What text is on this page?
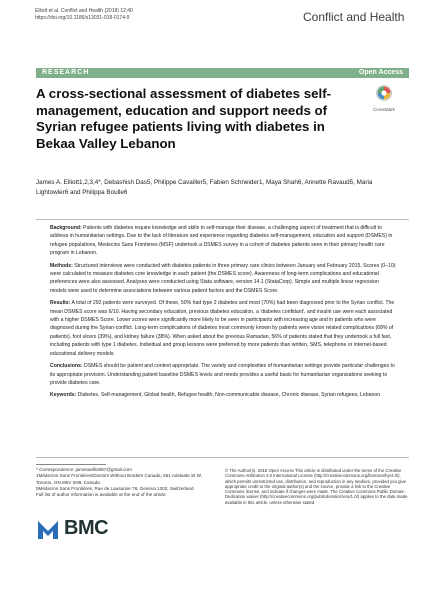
Elliott et al. Conflict and Health (2018) 12:40
https://doi.org/10.1186/s13031-018-0174-9	Conflict and Health
RESEARCH	Open Access
A cross-sectional assessment of diabetes self-management, education and support needs of Syrian refugee patients living with diabetes in Bekaa Valley Lebanon
CrossMark
James A. Elliott1,2,3,4*, Debashish Das5, Philippe Cavailler5, Fabien Schneider1, Maya Shah6, Annette Ravaud5, Maria Lightowler6 and Philippa Boulle6

Background: Patients with diabetes require knowledge and skills to self-manage their disease, a challenging aspect of treatment that is difficult to address in humanitarian settings. Due to the lack of literature and experience regarding diabetes self-management, education and support (DSMES) in refugee populations, Medecins Sans Frontieres (MSF) undertook a DSMES survey in a cohort of diabetes patients seen in their primary health care program in Lebanon.

Methods: Structured interviews were conducted with diabetes patients in three primary care clinics between January and February 2015. Scores (0–10) were calculated to measure diabetes core knowledge in each patient (the DSMES score). Awareness of long-term complications and educational preferences were also assessed. Analyses were conducted using Stata software, version 14.1 (StataCorp). Simple and multiple linear regression models were used to determine associations between various patient factors and the DSMES Score.

Results: A total of 292 patients were surveyed. Of these, 50% had type 2 diabetes and most (70%) had been diagnosed prior to the Syrian conflict. The mean DSMES score was 6/10. Having secondary education, previous diabetes education, a 'diabetes confidant', and insulin use were each associated with a higher DSMES Score. Lower scores were significantly more likely to be seen in participants with increasing age and in patients who were diagnosed during the Syrian-conflict. Long-term complications of diabetes most commonly known by patients were vision related complications (68% of patients), foot ulcers (39%), and kidney failure (38%). When asked about the previous Ramadan, 56% of patients stated that they undertook a full fast, including patients with type 1 diabetes. Individual and group lessons were preferred by more patients than written, SMS, telephone or internet-based educational delivery models.

Conclusions: DSMES should be patient and context appropriate. The variety and complexities of humanitarian settings provide particular challenges to its appropriate provision. Understanding patient baseline DSMES levels and needs provides a useful basis for humanitarian organisations seeking to provide diabetes care.

Keywords: Diabetes, Self-management, Global health, Refugee health, Non-communicable disease, Chronic disease, Syrian refugees, Lebanon

* Correspondence: jamesaelliott97@gmail.com
1Médecins Sans Frontières/Doctors Without Borders Canada, 551 Adelaide St W, Toronto, ON M5V 0N8, Canada
5Médecins Sans Frontières, Rue de Lausanne 78, Geneva 1202, Switzerland
Full list of author information is available at the end of the article
BMC
© The Author(s). 2018 Open Access This article is distributed under the terms of the Creative Commons Attribution 4.0 International License (http://creativecommons.org/licenses/by/4.0/), which permits unrestricted use, distribution, and reproduction in any medium, provided you give appropriate credit to the original author(s) and the source, provide a link to the Creative Commons license, and indicate if changes were made. The Creative Commons Public Domain Dedication waiver (http://creativecommons.org/publicdomain/zero/1.0/) applies to the data made available in this article, unless otherwise stated.
